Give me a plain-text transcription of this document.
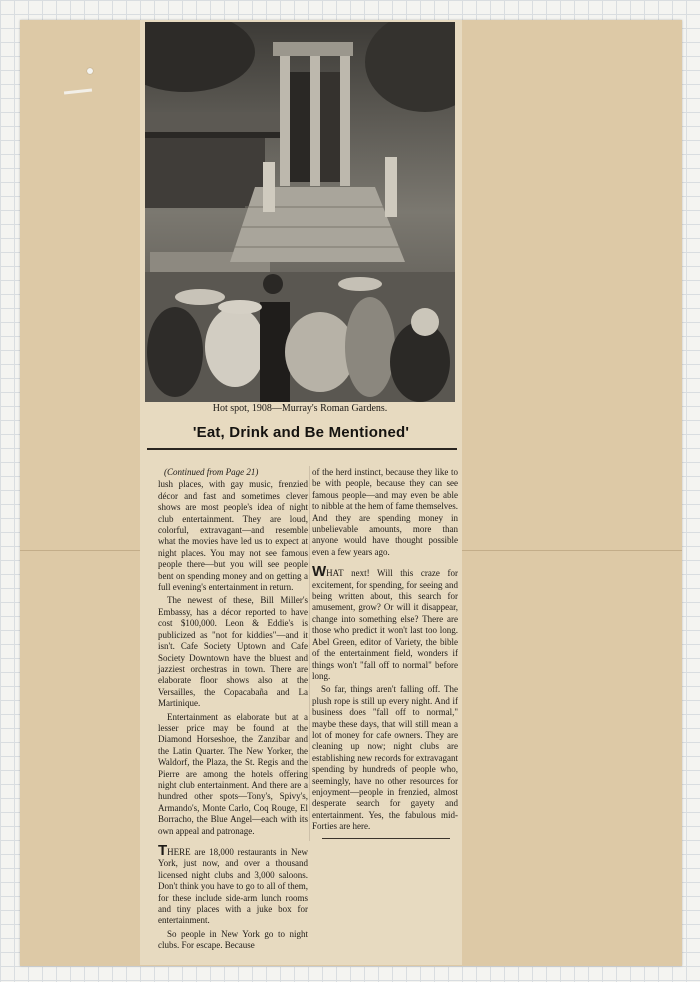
Hot spot, 1908—Murray's Roman Gardens.
'Eat, Drink and Be Mentioned'
(Continued from Page 21)

lush places, with gay music, frenzied décor and fast and sometimes clever shows are most people's idea of night club entertainment. They are loud, colorful, extravagant—and resemble what the movies have led us to expect at night places. You may not see famous people there—but you will see people bent on spending money and on getting a full evening's entertainment in return.

The newest of these, Bill Miller's Embassy, has a décor reported to have cost $100,000. Leon & Eddie's is publicized as "not for kiddies"—and it isn't. Cafe Society Uptown and Cafe Society Downtown have the bluest and jazziest orchestras in town. There are elaborate floor shows also at the Versailles, the Copacabaña and La Martinique.

Entertainment as elaborate but at a lesser price may be found at the Diamond Horseshoe, the Zanzibar and the Latin Quarter. The New Yorker, the Waldorf, the Plaza, the St. Regis and the Pierre are among the hotels offering night club entertainment. And there are a hundred other spots—Tony's, Spivy's, Armando's, Monte Carlo, Coq Rouge, El Borracho, the Blue Angel—each with its own appeal and patronage.

THERE are 18,000 restaurants in New York, just now, and over a thousand licensed night clubs and 3,000 saloons. Don't think you have to go to all of them, for these include side-arm lunch rooms and tiny places with a juke box for entertainment.

So people in New York go to night clubs. For escape. Because

of the herd instinct, because they like to be with people, because they can see famous people—and may even be able to nibble at the hem of fame themselves. And they are spending money in unbelievable amounts, more than anyone would have thought possible even a few years ago.

WHAT next! Will this craze for excitement, for spending, for seeing and being written about, this search for amusement, grow? Or will it disappear, change into something else? There are those who predict it won't last too long. Abel Green, editor of Variety, the bible of the entertainment field, wonders if things won't "fall off to normal" before long.

So far, things aren't falling off. The plush rope is still up every night. And if business does "fall off to normal," maybe these days, that will still mean a lot of money for cafe owners. They are cleaning up now; night clubs are establishing new records for extravagant spending by hundreds of people who, seemingly, have no other resources for enjoyment—people in frenzied, almost desperate search for gayety and entertainment. Yes, the fabulous mid-Forties are here.
